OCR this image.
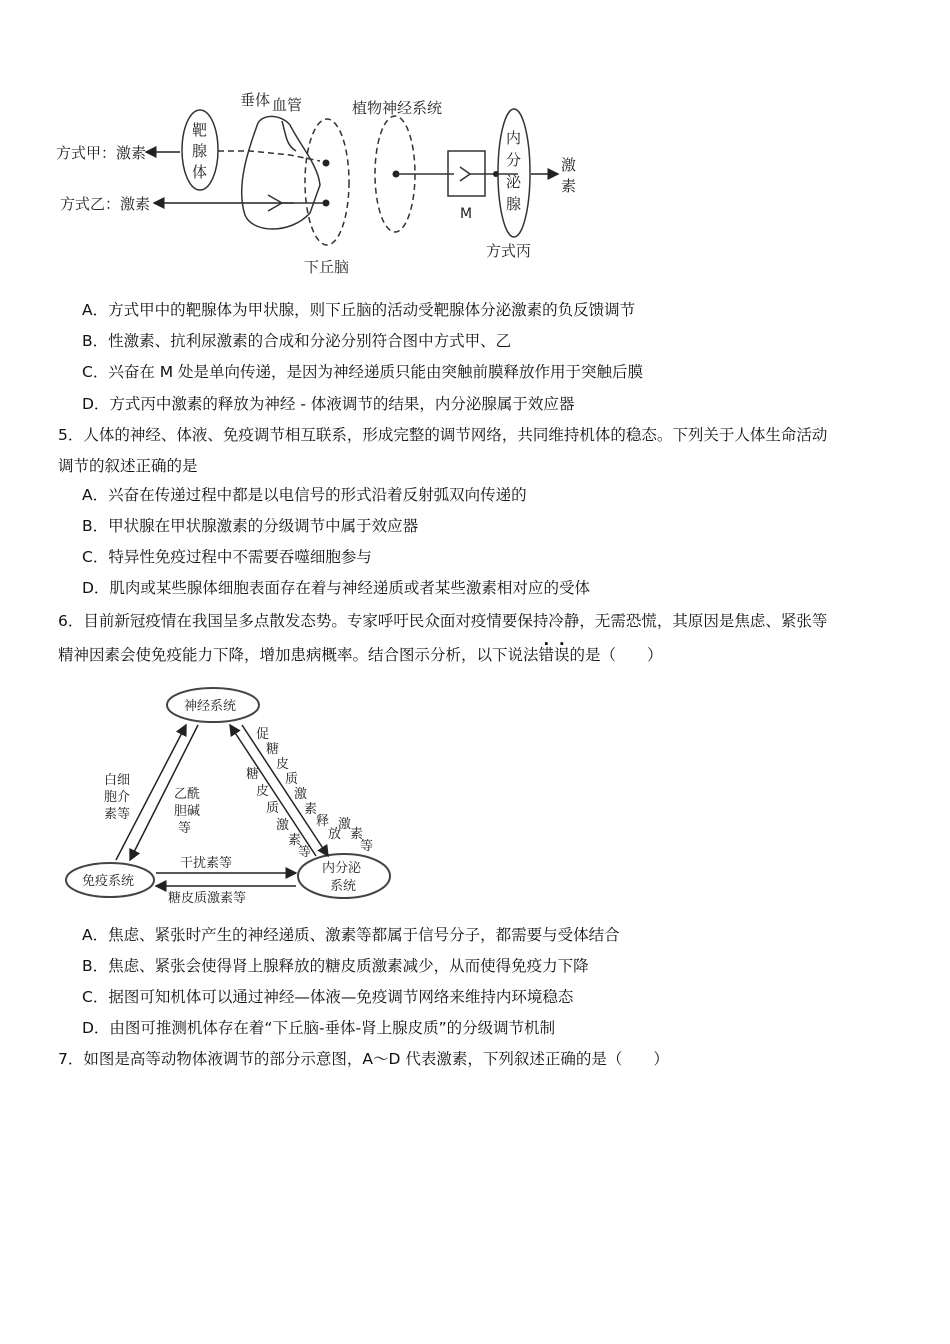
方式甲：激素
方式乙：激素
靶
腺
体
垂体 血管
下丘脑
植物神经系统
M
内
分
泌
腺
激
素
方式丙
A．方式甲中的靶腺体为甲状腺，则下丘脑的活动受靶腺体分泌激素的负反馈调节
B．性激素、抗利尿激素的合成和分泌分别符合图中方式甲、乙
C．兴奋在 M 处是单向传递，是因为神经递质只能由突触前膜释放作用于突触后膜
D．方式丙中激素的释放为神经 - 体液调节的结果，内分泌腺属于效应器
5．人体的神经、体液、免疫调节相互联系，形成完整的调节网络，共同维持机体的稳态。下列关于人体生命活动
调节的叙述正确的是
A．兴奋在传递过程中都是以电信号的形式沿着反射弧双向传递的
B．甲状腺在甲状腺激素的分级调节中属于效应器
C．特异性免疫过程中不需要吞噬细胞参与
D．肌肉或某些腺体细胞表面存在着与神经递质或者某些激素相对应的受体
6．目前新冠疫情在我国呈多点散发态势。专家呼吁民众面对疫情要保持冷静，无需恐慌，其原因是焦虑、紧张等
精神因素会使免疫能力下降，增加患病概率。结合图示分析，以下说法错误的是（　　）
神经系统
免疫系统
内分泌
系统
白细
胞介
素等
乙酰
胆碱
等
糖
皮
质
激
素
等
促
糖
皮
质
激
素
释
放
激
素
等
干扰素等
糖皮质激素等
A．焦虑、紧张时产生的神经递质、激素等都属于信号分子，都需要与受体结合
B．焦虑、紧张会使得肾上腺释放的糖皮质激素减少，从而使得免疫力下降
C．据图可知机体可以通过神经—体液—免疫调节网络来维持内环境稳态
D．由图可推测机体存在着“下丘脑-垂体-肾上腺皮质”的分级调节机制
7．如图是高等动物体液调节的部分示意图，A～D 代表激素，下列叙述正确的是（　　）
